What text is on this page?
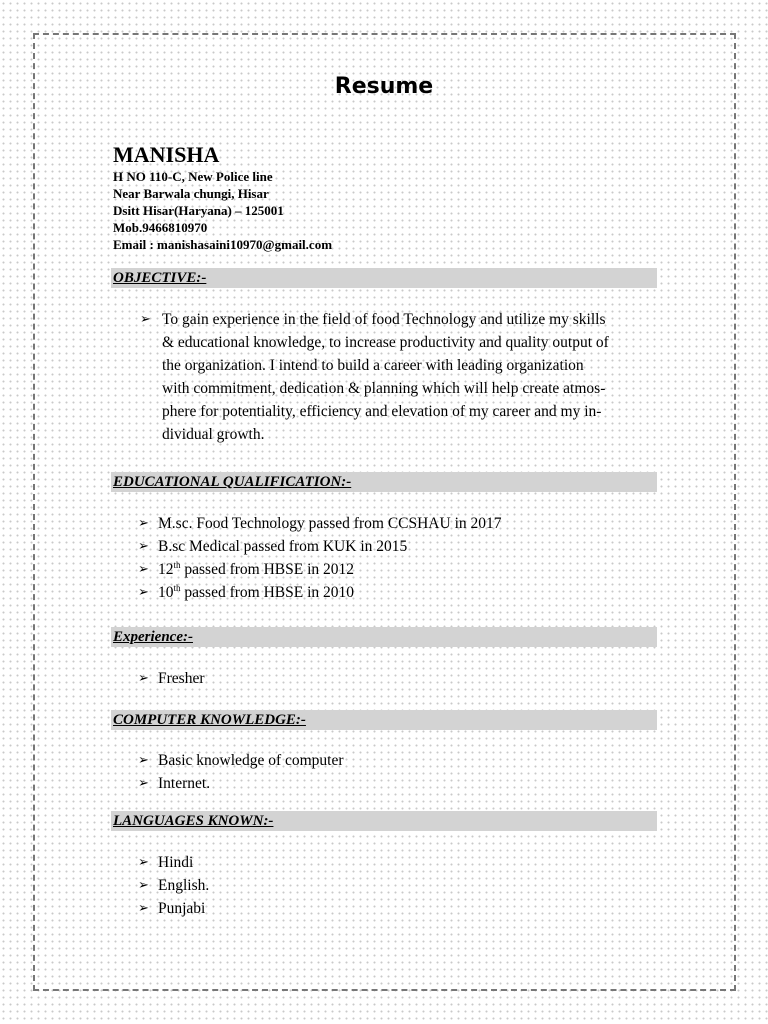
Resume
MANISHA
H NO 110-C, New Police line
Near Barwala chungi, Hisar
Dsitt Hisar(Haryana) – 125001
Mob.9466810970
Email : manishasaini10970@gmail.com
OBJECTIVE:-
➢ To gain experience in the field of food Technology and utilize my skills
& educational knowledge, to increase productivity and quality output of
the organization. I intend to build a career with leading organization
with commitment, dedication & planning which will help create atmos-
phere for potentiality, efficiency and elevation of my career and my in-
dividual growth.

EDUCATIONAL QUALIFICATION:-
➢ M.sc. Food Technology passed from CCSHAU in 2017
➢ B.sc Medical passed from KUK in 2015
➢ 12th passed from HBSE in 2012
➢ 10th passed from HBSE in 2010
Experience:-
➢ Fresher
COMPUTER KNOWLEDGE:-
➢ Basic knowledge of computer
➢ Internet.
LANGUAGES KNOWN:-
➢ Hindi
➢ English.
➢ Punjabi
